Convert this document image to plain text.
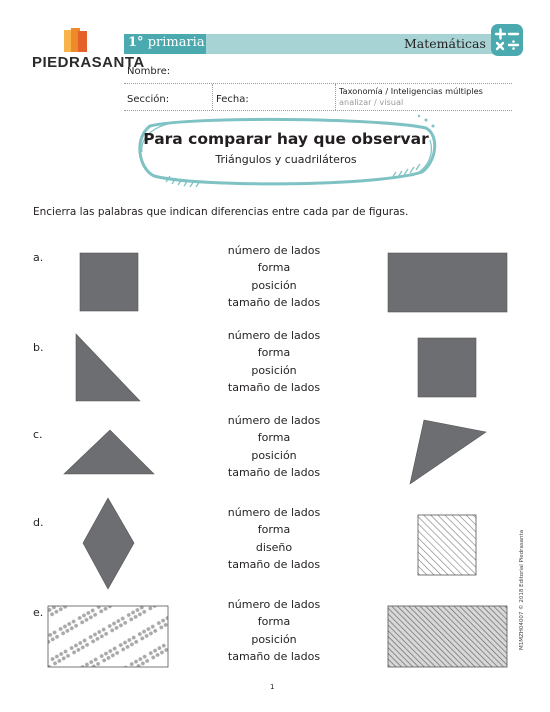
PIEDRASANTA
1° primaria	Matemáticas
Nombre:
Sección:	Fecha:
Taxonomía / Inteligencias múltiples
analizar / visual
Para comparar hay que observar
Triángulos y cuadriláteros
Encierra las palabras que indican diferencias entre cada par de figuras.
a.
b.
c.
d.
e.
número de lados
forma
posición
tamaño de lados
número de lados
forma
posición
tamaño de lados
número de lados
forma
posición
tamaño de lados
número de lados
forma
diseño
tamaño de lados
número de lados
forma
posición
tamaño de lados
1
M1MZH04007 © 2018 Editorial Piedrasanta
